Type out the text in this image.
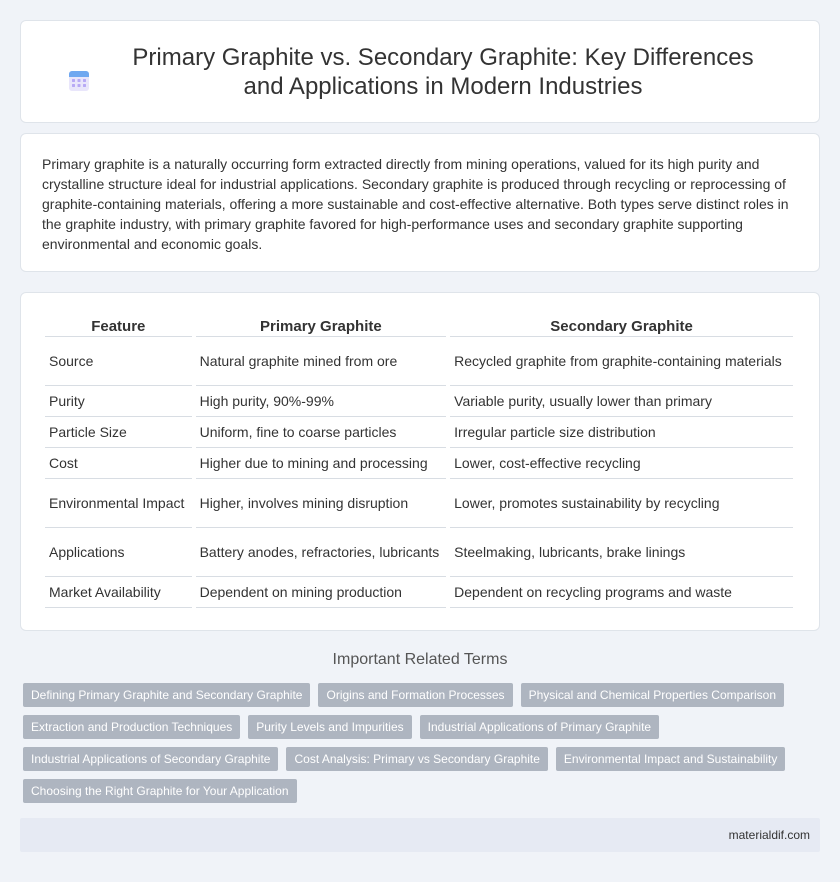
Primary Graphite vs. Secondary Graphite: Key Differences and Applications in Modern Industries

Primary graphite is a naturally occurring form extracted directly from mining operations, valued for its high purity and crystalline structure ideal for industrial applications. Secondary graphite is produced through recycling or reprocessing of graphite-containing materials, offering a more sustainable and cost-effective alternative. Both types serve distinct roles in the graphite industry, with primary graphite favored for high-performance uses and secondary graphite supporting environmental and economic goals.

Feature	Primary Graphite	Secondary Graphite
Source	Natural graphite mined from ore	Recycled graphite from graphite-containing materials
Purity	High purity, 90%-99%	Variable purity, usually lower than primary
Particle Size	Uniform, fine to coarse particles	Irregular particle size distribution
Cost	Higher due to mining and processing	Lower, cost-effective recycling
Environmental Impact	Higher, involves mining disruption	Lower, promotes sustainability by recycling
Applications	Battery anodes, refractories, lubricants	Steelmaking, lubricants, brake linings
Market Availability	Dependent on mining production	Dependent on recycling programs and waste
Important Related Terms
Defining Primary Graphite and Secondary Graphite	Origins and Formation Processes	Physical and Chemical Properties Comparison
Extraction and Production Techniques	Purity Levels and Impurities	Industrial Applications of Primary Graphite
Industrial Applications of Secondary Graphite	Cost Analysis: Primary vs Secondary Graphite	Environmental Impact and Sustainability
Choosing the Right Graphite for Your Application
materialdif.com
